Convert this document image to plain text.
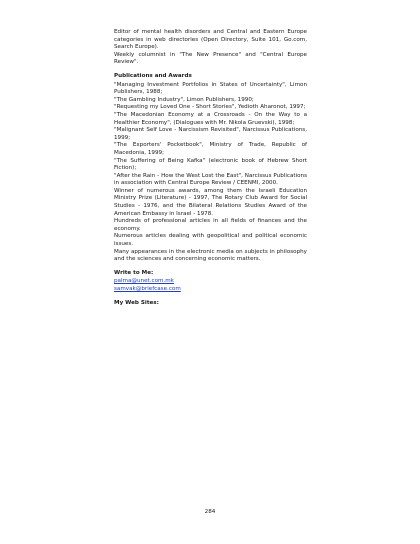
Editor of mental health disorders and Central and Eastern Europe categories in web directories (Open Directory, Suite 101, Go.com, Search Europe).

Weekly columnist in "The New Presence" and "Central Europe Review".

Publications and Awards

"Managing Investment Portfolios in States of Uncertainty", Limon Publishers, 1988;

"The Gambling Industry", Limon Publishers, 1990;

"Requesting my Loved One - Short Stories", Yedioth Aharonot, 1997;

"The Macedonian Economy at a Crossroads - On the Way to a Healthier Economy", (Dialogues with Mr. Nikola Gruevski), 1998;

"Malignant Self Love - Narcissism Revisited", Narcissus Publications, 1999;

"The Exporters' Pocketbook", Ministry of Trade, Republic of Macedonia, 1999;

"The Suffering of Being Kafka" (electronic book of Hebrew Short Fiction);

"After the Rain - How the West Lost the East", Narcissus Publications in association with Central Europe Review / CEENMI, 2000.

Winner of numerous awards, among them the Israeli Education Ministry Prize (Literature) - 1997, The Rotary Club Award for Social Studies - 1976, and the Bilateral Relations Studies Award of the American Embassy in Israel - 1978.

Hundreds of professional articles in all fields of finances and the economy.

Numerous articles dealing with geopolitical and political economic issues.

Many appearances in the electronic media on subjects in philosophy and the sciences and concerning economic matters.

Write to Me:

palma@unet.com.mk
samvak@briefcase.com

My Web Sites:

284
